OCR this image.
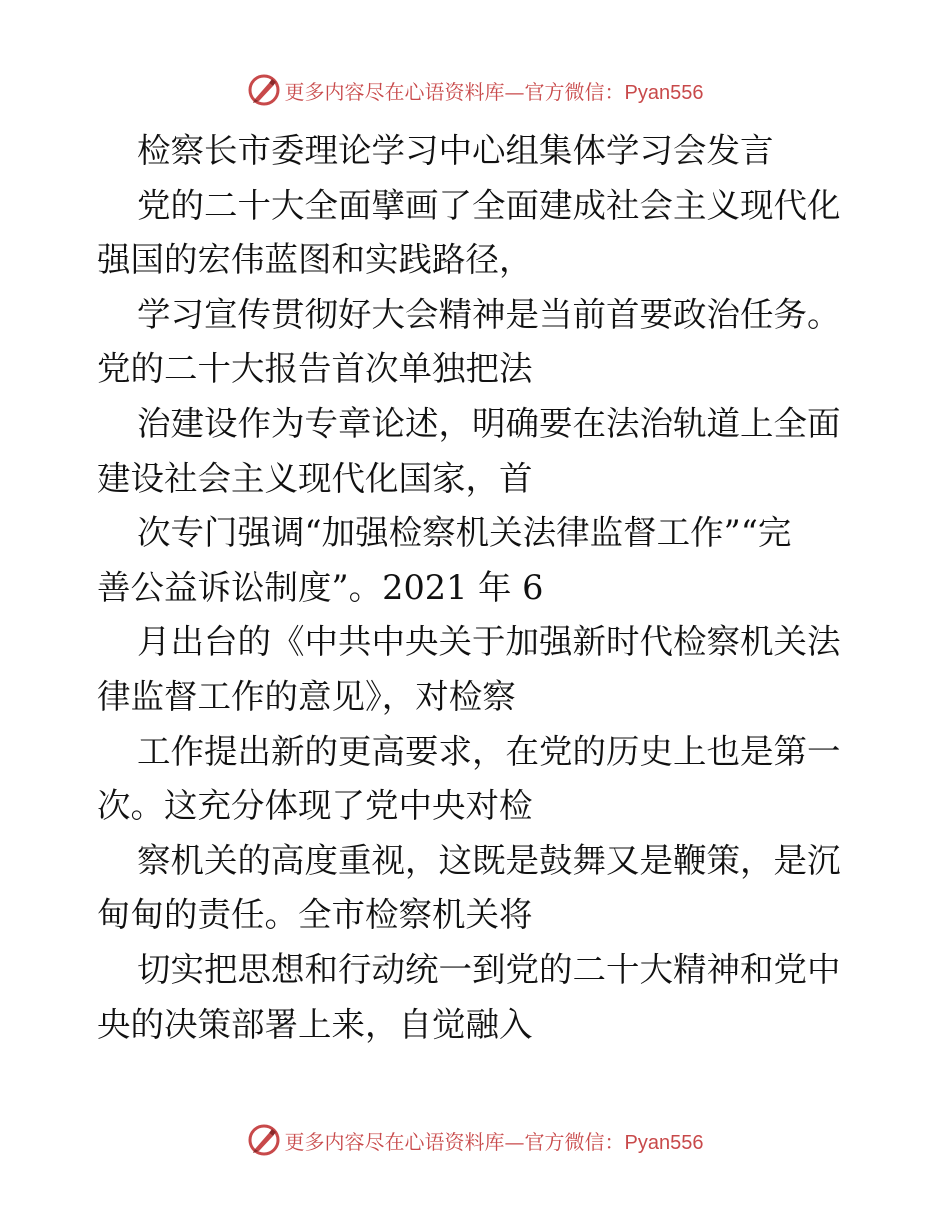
更多内容尽在心语资料库—官方微信：Pyan556
检察长市委理论学习中心组集体学习会发言
党的二十大全面擘画了全面建成社会主义现代化
强国的宏伟蓝图和实践路径，
学习宣传贯彻好大会精神是当前首要政治任务。
党的二十大报告首次单独把法
治建设作为专章论述，明确要在法治轨道上全面
建设社会主义现代化国家，首
次专门强调“加强检察机关法律监督工作”“完
善公益诉讼制度”。2021 年 6
月出台的《中共中央关于加强新时代检察机关法
律监督工作的意见》，对检察
工作提出新的更高要求，在党的历史上也是第一
次。这充分体现了党中央对检
察机关的高度重视，这既是鼓舞又是鞭策，是沉
甸甸的责任。全市检察机关将
切实把思想和行动统一到党的二十大精神和党中
央的决策部署上来，自觉融入
更多内容尽在心语资料库—官方微信：Pyan556
